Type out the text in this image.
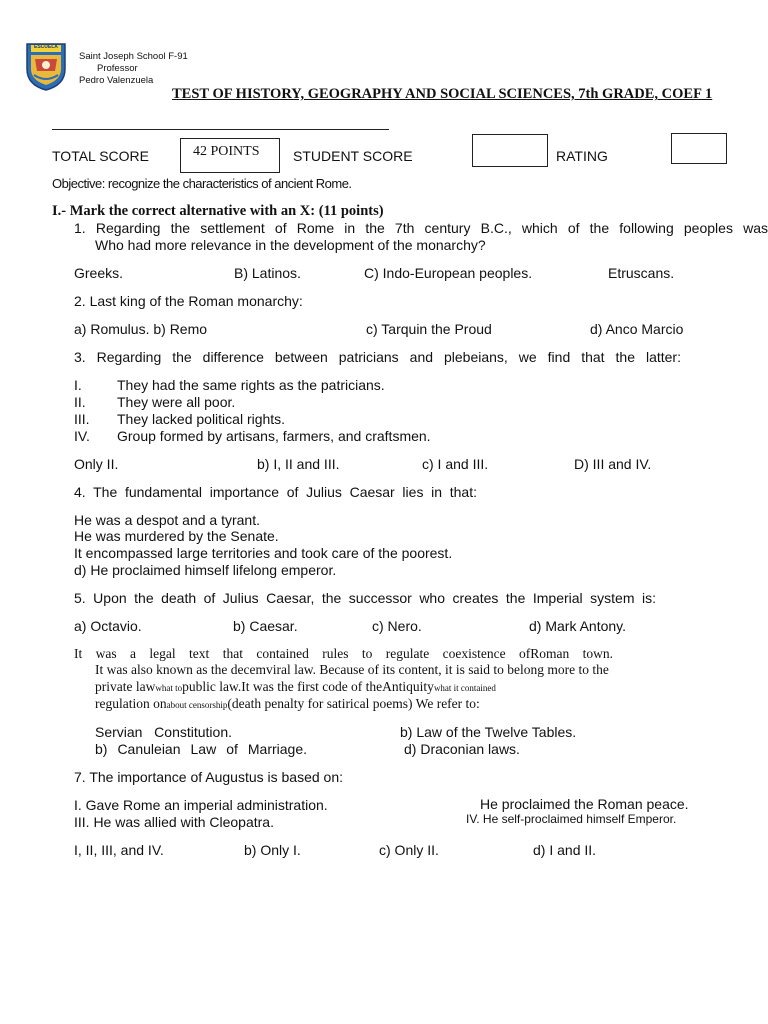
ESCUELA
Saint Joseph School F-91
Professor
Pedro Valenzuela
TEST OF HISTORY, GEOGRAPHY AND SOCIAL SCIENCES, 7th GRADE, COEF 1
TOTAL SCORE	42 POINTS STUDENT SCORE	RATING
Objective: recognize the characteristics of ancient Rome.
I.- Mark the correct alternative with an X: (11 points)
1. Regarding the settlement of Rome in the 7th century B.C., which of the following peoples was
Who had more relevance in the development of the monarchy?
Greeks.	B) Latinos.	C) Indo-European peoples.	Etruscans.
2. Last king of the Roman monarchy:
a) Romulus. b) Remo	c) Tarquin the Proud	d) Anco Marcio
3. Regarding the difference between patricians and plebeians, we find that the latter:
I.	They had the same rights as the patricians.
II. They were all poor.
III. They lacked political rights.
IV. Group formed by artisans, farmers, and craftsmen.
Only II.	b) I, II and III.	c) I and III.	D) III and IV.
4. The fundamental importance of Julius Caesar lies in that:
He was a despot and a tyrant.
He was murdered by the Senate.
It encompassed large territories and took care of the poorest.
d) He proclaimed himself lifelong emperor.
5. Upon the death of Julius Caesar, the successor who creates the Imperial system is:
a) Octavio.	b) Caesar.	c) Nero.	d) Mark Antony.
It was a legal text that contained rules to regulate coexistence ofRoman town.
It was also known as the decemviral law. Because of its content, it is said to belong more to the
private lawwhat topublic law.It was the first code of theAntiquitywhat it contained
regulation onabout censorship(death penalty for satirical poems) We refer to:
Servian Constitution.	b) Law of the Twelve Tables.
b) Canuleian Law of Marriage.	d) Draconian laws.
7. The importance of Augustus is based on:
I. Gave Rome an imperial administration.	He proclaimed the Roman peace.
III. He was allied with Cleopatra.	IV. He self-proclaimed himself Emperor.
I, II, III, and IV.	b) Only I.	c) Only II.	d) I and II.
